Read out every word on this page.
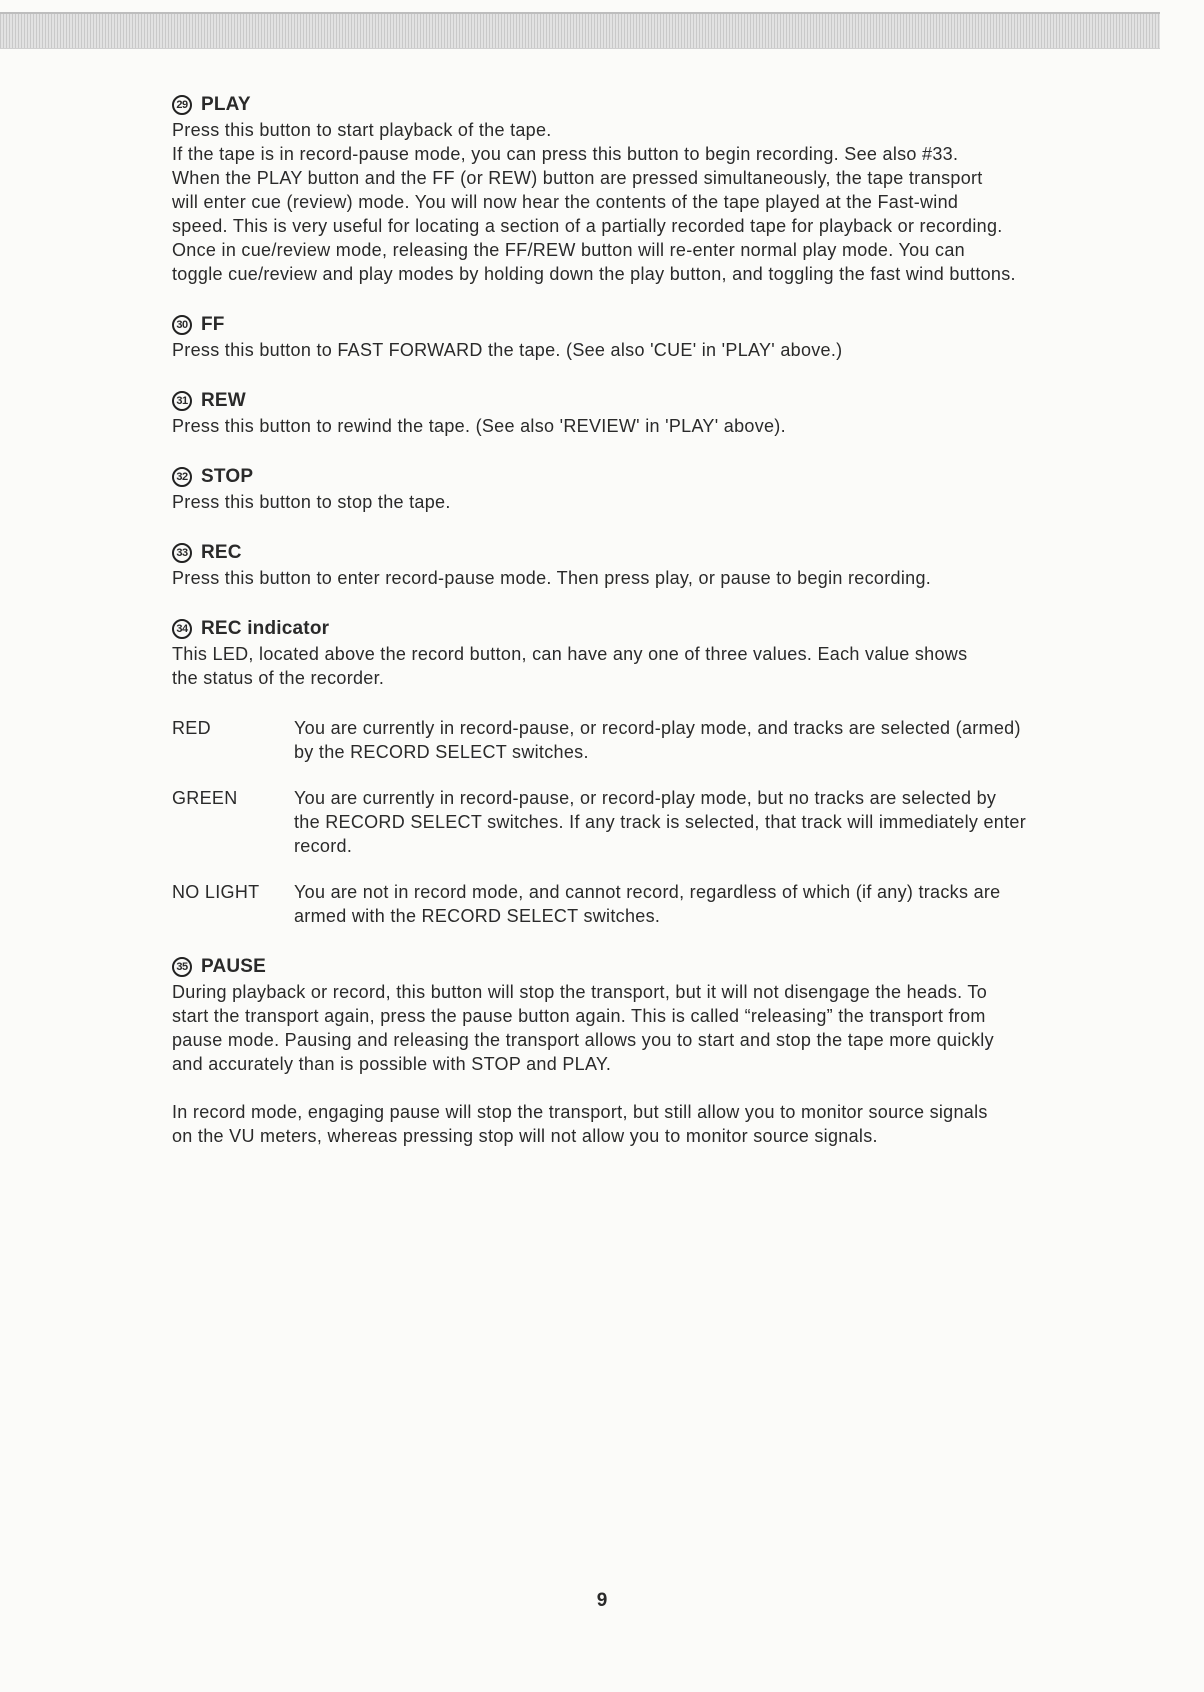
29 PLAY

Press this button to start playback of the tape.

If the tape is in record-pause mode, you can press this button to begin recording. See also #33.

When the PLAY button and the FF (or REW) button are pressed simultaneously, the tape transport

will enter cue (review) mode. You will now hear the contents of the tape played at the Fast-wind

speed. This is very useful for locating a section of a partially recorded tape for playback or recording.

Once in cue/review mode, releasing the FF/REW button will re-enter normal play mode. You can

toggle cue/review and play modes by holding down the play button, and toggling the fast wind buttons.

30 FF

Press this button to FAST FORWARD the tape. (See also 'CUE' in 'PLAY' above.)

31 REW

Press this button to rewind the tape. (See also 'REVIEW' in 'PLAY' above).

32 STOP

Press this button to stop the tape.

33 REC

Press this button to enter record-pause mode. Then press play, or pause to begin recording.

34 REC indicator

This LED, located above the record button, can have any one of three values. Each value shows

the status of the recorder.

RED	You are currently in record-pause, or record-play mode, and tracks are selected (armed)

by the RECORD SELECT switches.

GREEN	You are currently in record-pause, or record-play mode, but no tracks are selected by

the RECORD SELECT switches. If any track is selected, that track will immediately enter

record.

NO LIGHT	You are not in record mode, and cannot record, regardless of which (if any) tracks are

armed with the RECORD SELECT switches.

35 PAUSE

During playback or record, this button will stop the transport, but it will not disengage the heads. To

start the transport again, press the pause button again. This is called “releasing” the transport from

pause mode. Pausing and releasing the transport allows you to start and stop the tape more quickly

and accurately than is possible with STOP and PLAY.

In record mode, engaging pause will stop the transport, but still allow you to monitor source signals

on the VU meters, whereas pressing stop will not allow you to monitor source signals.

9
